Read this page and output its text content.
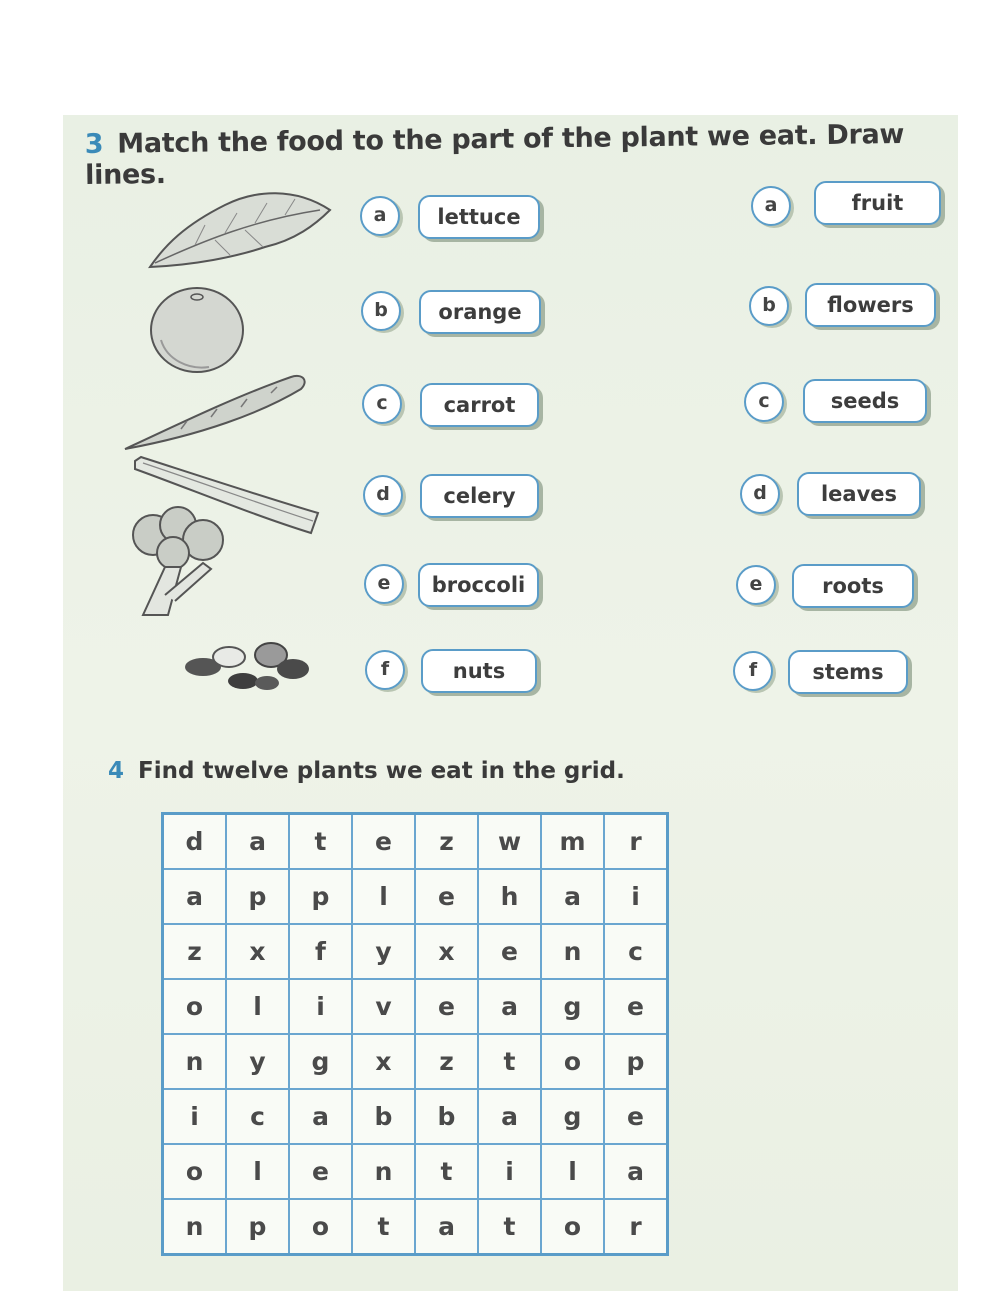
3 Match the food to the part of the plant we eat. Draw lines.
a	lettuce
b	orange
c	carrot
d	celery
e	broccoli
f	nuts
a	fruit
b	flowers
c	seeds
d	leaves
e	roots
f	stems
4 Find twelve plants we eat in the grid.
d	a	t	e	z	w	m	r
a	p	p	l	e	h	a	i
z	x	f	y	x	e	n	c
o	l	i	v	e	a	g	e
n	y	g	x	z	t	o	p
i	c	a	b	b	a	g	e
o	l	e	n	t	i	l	a
n	p	o	t	a	t	o	r
